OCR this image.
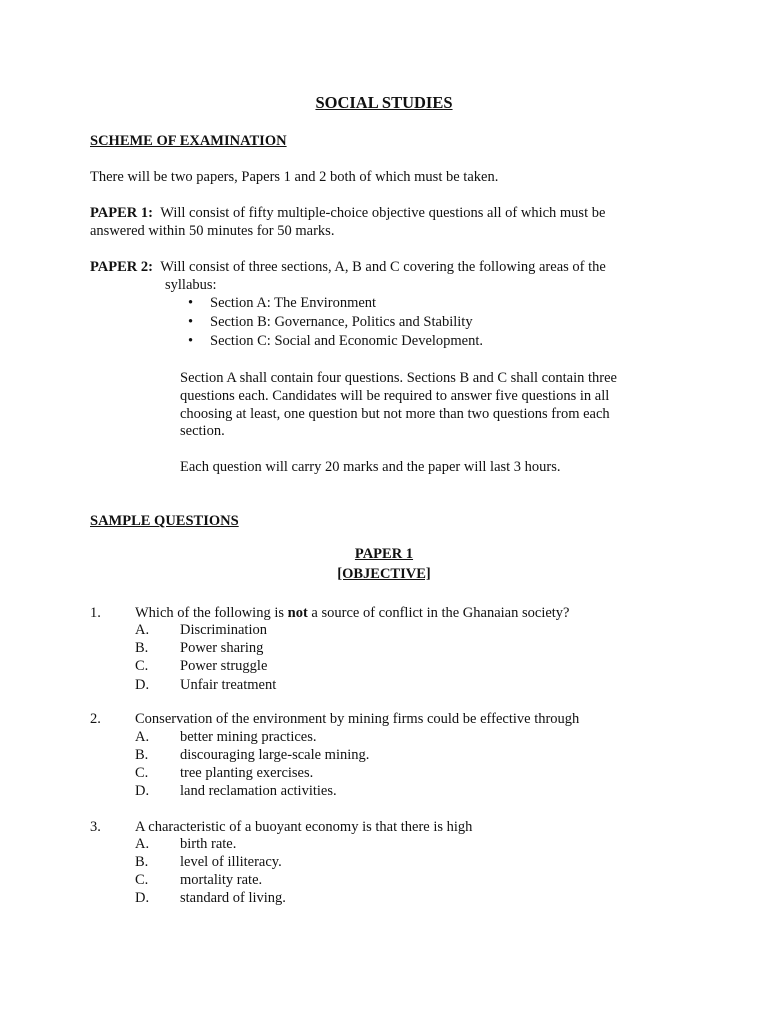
SOCIAL STUDIES
SCHEME OF EXAMINATION
There will be two papers, Papers 1 and 2 both of which must be taken.
PAPER 1: Will consist of fifty multiple-choice objective questions all of which must be
answered within 50 minutes for 50 marks.
PAPER 2: Will consist of three sections, A, B and C covering the following areas of the
syllabus:
• Section A: The Environment
• Section B: Governance, Politics and Stability
• Section C: Social and Economic Development.
Section A shall contain four questions. Sections B and C shall contain three
questions each. Candidates will be required to answer five questions in all
choosing at least, one question but not more than two questions from each
section.
Each question will carry 20 marks and the paper will last 3 hours.
SAMPLE QUESTIONS
PAPER 1
[OBJECTIVE]
1. Which of the following is not a source of conflict in the Ghanaian society?
A. Discrimination
B. Power sharing
C. Power struggle
D. Unfair treatment
2. Conservation of the environment by mining firms could be effective through
A. better mining practices.
B. discouraging large-scale mining.
C. tree planting exercises.
D. land reclamation activities.
3. A characteristic of a buoyant economy is that there is high
A. birth rate.
B. level of illiteracy.
C. mortality rate.
D. standard of living.
